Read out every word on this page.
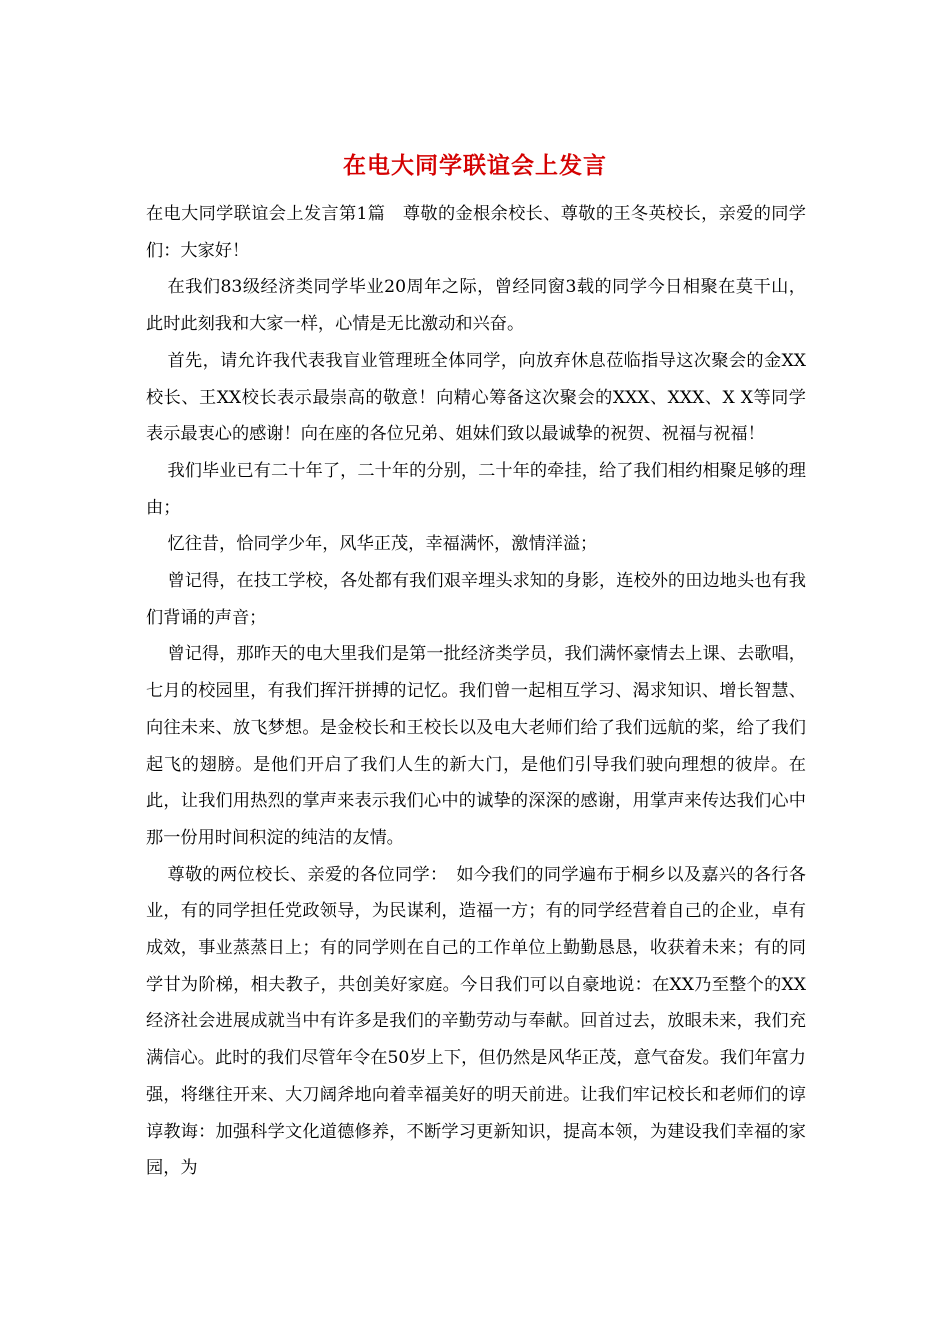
在电大同学联谊会上发言

在电大同学联谊会上发言第1篇　尊敬的金根余校长、尊敬的王冬英校长，亲爱的同学们：大家好！

在我们83级经济类同学毕业20周年之际，曾经同窗3载的同学今日相聚在莫干山，此时此刻我和大家一样，心情是无比激动和兴奋。

首先，请允许我代表我盲业管理班全体同学，向放弃休息莅临指导这次聚会的金XX校长、王XX校长表示最崇高的敬意！向精心筹备这次聚会的XXX、XXX、X X等同学表示最衷心的感谢！向在座的各位兄弟、姐妹们致以最诚挚的祝贺、祝福与祝福！

我们毕业已有二十年了，二十年的分别，二十年的牵挂，给了我们相约相聚足够的理由；

忆往昔，恰同学少年，风华正茂，幸福满怀，激情洋溢；

曾记得，在技工学校，各处都有我们艰辛埋头求知的身影，连校外的田边地头也有我们背诵的声音；

曾记得，那昨天的电大里我们是第一批经济类学员，我们满怀豪情去上课、去歌唱，七月的校园里，有我们挥汗拼搏的记忆。我们曾一起相互学习、渴求知识、增长智慧、向往未来、放飞梦想。是金校长和王校长以及电大老师们给了我们远航的桨，给了我们起飞的翅膀。是他们开启了我们人生的新大门，是他们引导我们驶向理想的彼岸。在此，让我们用热烈的掌声来表示我们心中的诚挚的深深的感谢，用掌声来传达我们心中那一份用时间积淀的纯洁的友情。

尊敬的两位校长、亲爱的各位同学：　如今我们的同学遍布于桐乡以及嘉兴的各行各业，有的同学担任党政领导，为民谋利，造福一方；有的同学经营着自己的企业，卓有成效，事业蒸蒸日上；有的同学则在自己的工作单位上勤勤恳恳，收获着未来；有的同学甘为阶梯，相夫教子，共创美好家庭。今日我们可以自豪地说：在XX乃至整个的XX经济社会进展成就当中有许多是我们的辛勤劳动与奉献。回首过去，放眼未来，我们充满信心。此时的我们尽管年令在50岁上下，但仍然是风华正茂，意气奋发。我们年富力强，将继往开来、大刀阔斧地向着幸福美好的明天前进。让我们牢记校长和老师们的谆谆教诲：加强科学文化道德修养，不断学习更新知识，提高本领，为建设我们幸福的家园，为
